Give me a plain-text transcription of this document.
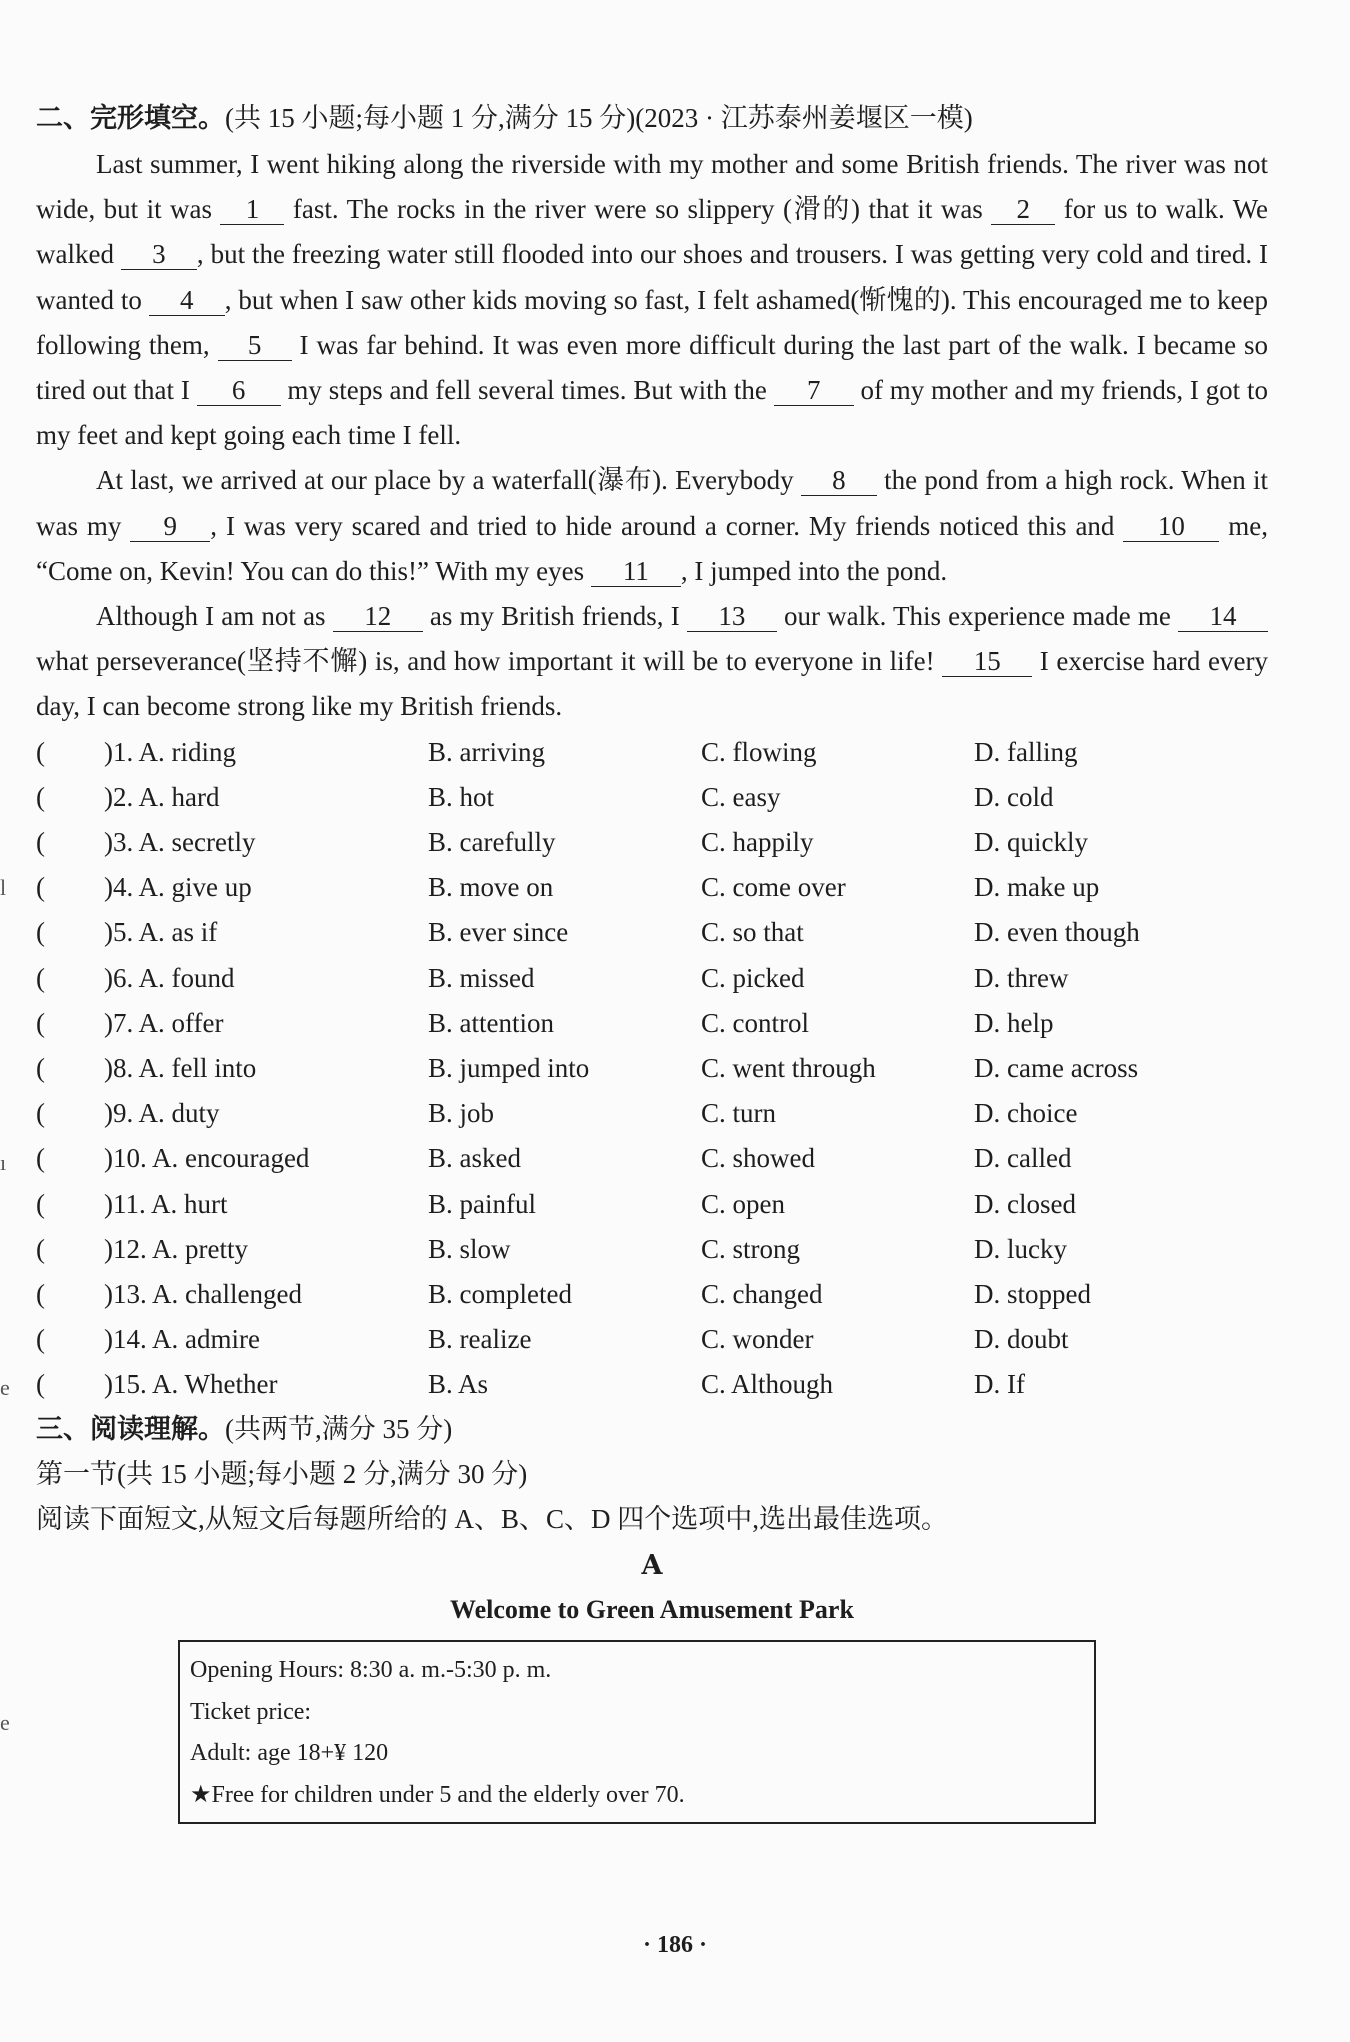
二、完形填空。(共 15 小题;每小题 1 分,满分 15 分)(2023 · 江苏泰州姜堰区一模)
Last summer, I went hiking along the riverside with my mother and some British friends. The river was not wide, but it was 1 fast. The rocks in the river were so slippery (滑的) that it was 2 for us to walk. We walked 3 , but the freezing water still flooded into our shoes and trousers. I was getting very cold and tired. I wanted to 4 , but when I saw other kids moving so fast, I felt ashamed(惭愧的). This encouraged me to keep following them, 5 I was far behind. It was even more difficult during the last part of the walk. I became so tired out that I 6 my steps and fell several times. But with the 7 of my mother and my friends, I got to my feet and kept going each time I fell.
At last, we arrived at our place by a waterfall(瀑布). Everybody 8 the pond from a high rock. When it was my 9 , I was very scared and tried to hide around a corner. My friends noticed this and 10 me, “Come on, Kevin! You can do this!” With my eyes 11 , I jumped into the pond.
Although I am not as 12 as my British friends, I 13 our walk. This experience made me 14 what perseverance(坚持不懈) is, and how important it will be to everyone in life! 15 I exercise hard every day, I can become strong like my British friends.
(	)1. A. riding	B. arriving	C. flowing	D. falling
(	)2. A. hard	B. hot	C. easy	D. cold
(	)3. A. secretly	B. carefully	C. happily	D. quickly
(	)4. A. give up	B. move on	C. come over	D. make up
(	)5. A. as if	B. ever since	C. so that	D. even though
(	)6. A. found	B. missed	C. picked	D. threw
(	)7. A. offer	B. attention	C. control	D. help
(	)8. A. fell into	B. jumped into	C. went through	D. came across
(	)9. A. duty	B. job	C. turn	D. choice
(	)10. A. encouraged	B. asked	C. showed	D. called
(	)11. A. hurt	B. painful	C. open	D. closed
(	)12. A. pretty	B. slow	C. strong	D. lucky
(	)13. A. challenged	B. completed	C. changed	D. stopped
(	)14. A. admire	B. realize	C. wonder	D. doubt
(	)15. A. Whether	B. As	C. Although	D. If
三、阅读理解。(共两节,满分 35 分)
第一节(共 15 小题;每小题 2 分,满分 30 分)
阅读下面短文,从短文后每题所给的 A、B、C、D 四个选项中,选出最佳选项。
A
Welcome to Green Amusement Park
Opening Hours: 8:30 a. m.-5:30 p. m.
Ticket price:
Adult: age 18+¥ 120
★Free for children under 5 and the elderly over 70.
· 186 ·
l
ı
e
e
